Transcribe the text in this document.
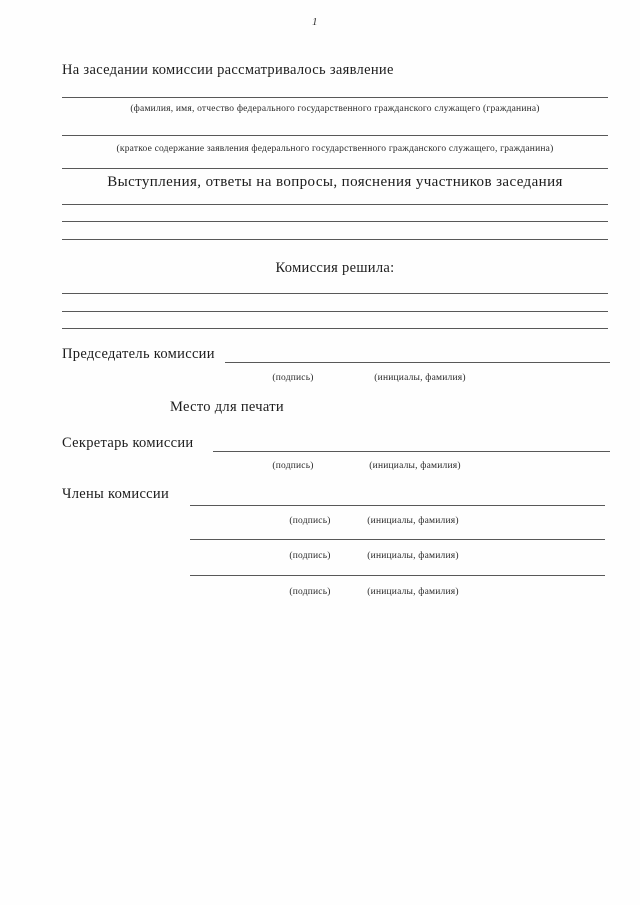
1
На заседании комиссии рассматривалось заявление
(фамилия, имя, отчество федерального государственного гражданского служащего (гражданина)
(краткое содержание заявления федерального государственного гражданского служащего, гражданина)
Выступления, ответы на вопросы, пояснения участников заседания
Комиссия решила:
Председатель комиссии
(подпись)	(инициалы, фамилия)
Место для печати
Секретарь комиссии
(подпись)	(инициалы, фамилия)
Члены комиссии
(подпись)	(инициалы, фамилия)
(подпись)	(инициалы, фамилия)
(подпись)	(инициалы, фамилия)
